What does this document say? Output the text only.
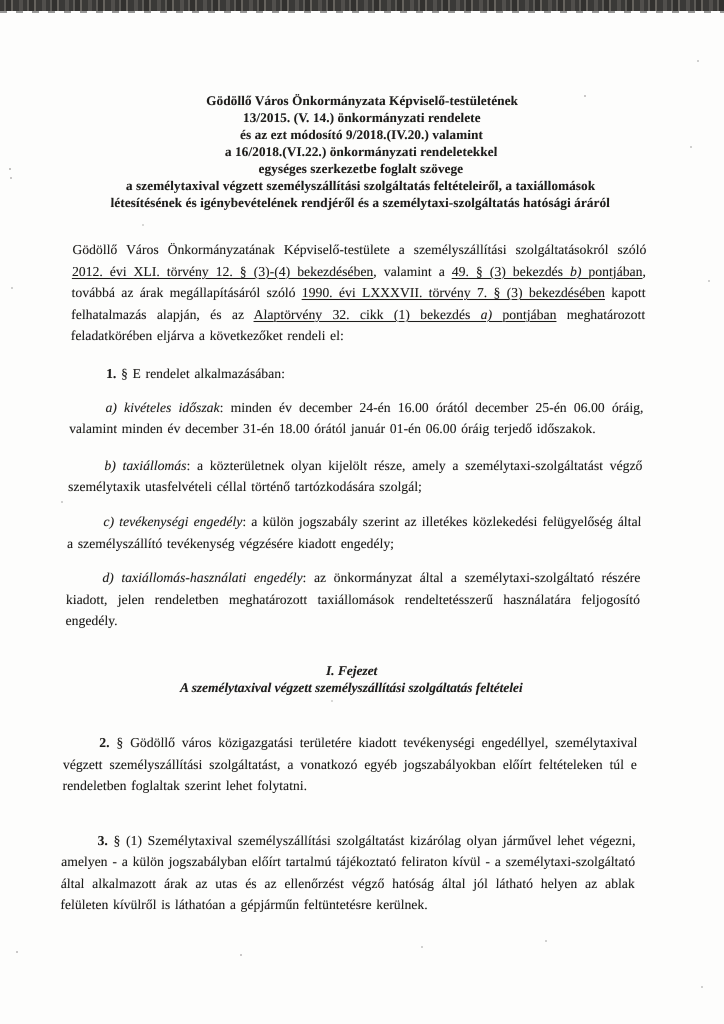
Gödöllő Város Önkormányzata Képviselő-testületének
13/2015. (V. 14.) önkormányzati rendelete
és az ezt módosító 9/2018.(IV.20.) valamint
a 16/2018.(VI.22.) önkormányzati rendeletekkel
egységes szerkezetbe foglalt szövege
a személytaxival végzett személyszállítási szolgáltatás feltételeiről, a taxiállomások
létesítésének és igénybevételének rendjéről és a személytaxi-szolgáltatás hatósági áráról

Gödöllő Város Önkormányzatának Képviselő-testülete a személyszállítási szolgáltatásokról szóló 2012. évi XLI. törvény 12. § (3)-(4) bekezdésében, valamint a 49. § (3) bekezdés b) pontjában, továbbá az árak megállapításáról szóló 1990. évi LXXXVII. törvény 7. § (3) bekezdésében kapott felhatalmazás alapján, és az Alaptörvény 32. cikk (1) bekezdés a) pontjában meghatározott feladatkörében eljárva a következőket rendeli el:

1. § E rendelet alkalmazásában:

a) kivételes időszak: minden év december 24-én 16.00 órától december 25-én 06.00 óráig, valamint minden év december 31-én 18.00 órától január 01-én 06.00 óráig terjedő időszakok.

b) taxiállomás: a közterületnek olyan kijelölt része, amely a személytaxi-szolgáltatást végző személytaxik utasfelvételi céllal történő tartózkodására szolgál;

c) tevékenységi engedély: a külön jogszabály szerint az illetékes közlekedési felügyelőség által a személyszállító tevékenység végzésére kiadott engedély;

d) taxiállomás-használati engedély: az önkormányzat által a személytaxi-szolgáltató részére kiadott, jelen rendeletben meghatározott taxiállomások rendeltetésszerű használatára feljogosító engedély.

I. Fejezet
A személytaxival végzett személyszállítási szolgáltatás feltételei

2. § Gödöllő város közigazgatási területére kiadott tevékenységi engedéllyel, személytaxival végzett személyszállítási szolgáltatást, a vonatkozó egyéb jogszabályokban előírt feltételeken túl e rendeletben foglaltak szerint lehet folytatni.

3. § (1) Személytaxival személyszállítási szolgáltatást kizárólag olyan járművel lehet végezni, amelyen - a külön jogszabályban előírt tartalmú tájékoztató feliraton kívül - a személytaxi-szolgáltató által alkalmazott árak az utas és az ellenőrzést végző hatóság által jól látható helyen az ablak felületen kívülről is láthatóan a gépjárműn feltüntetésre kerülnek.
